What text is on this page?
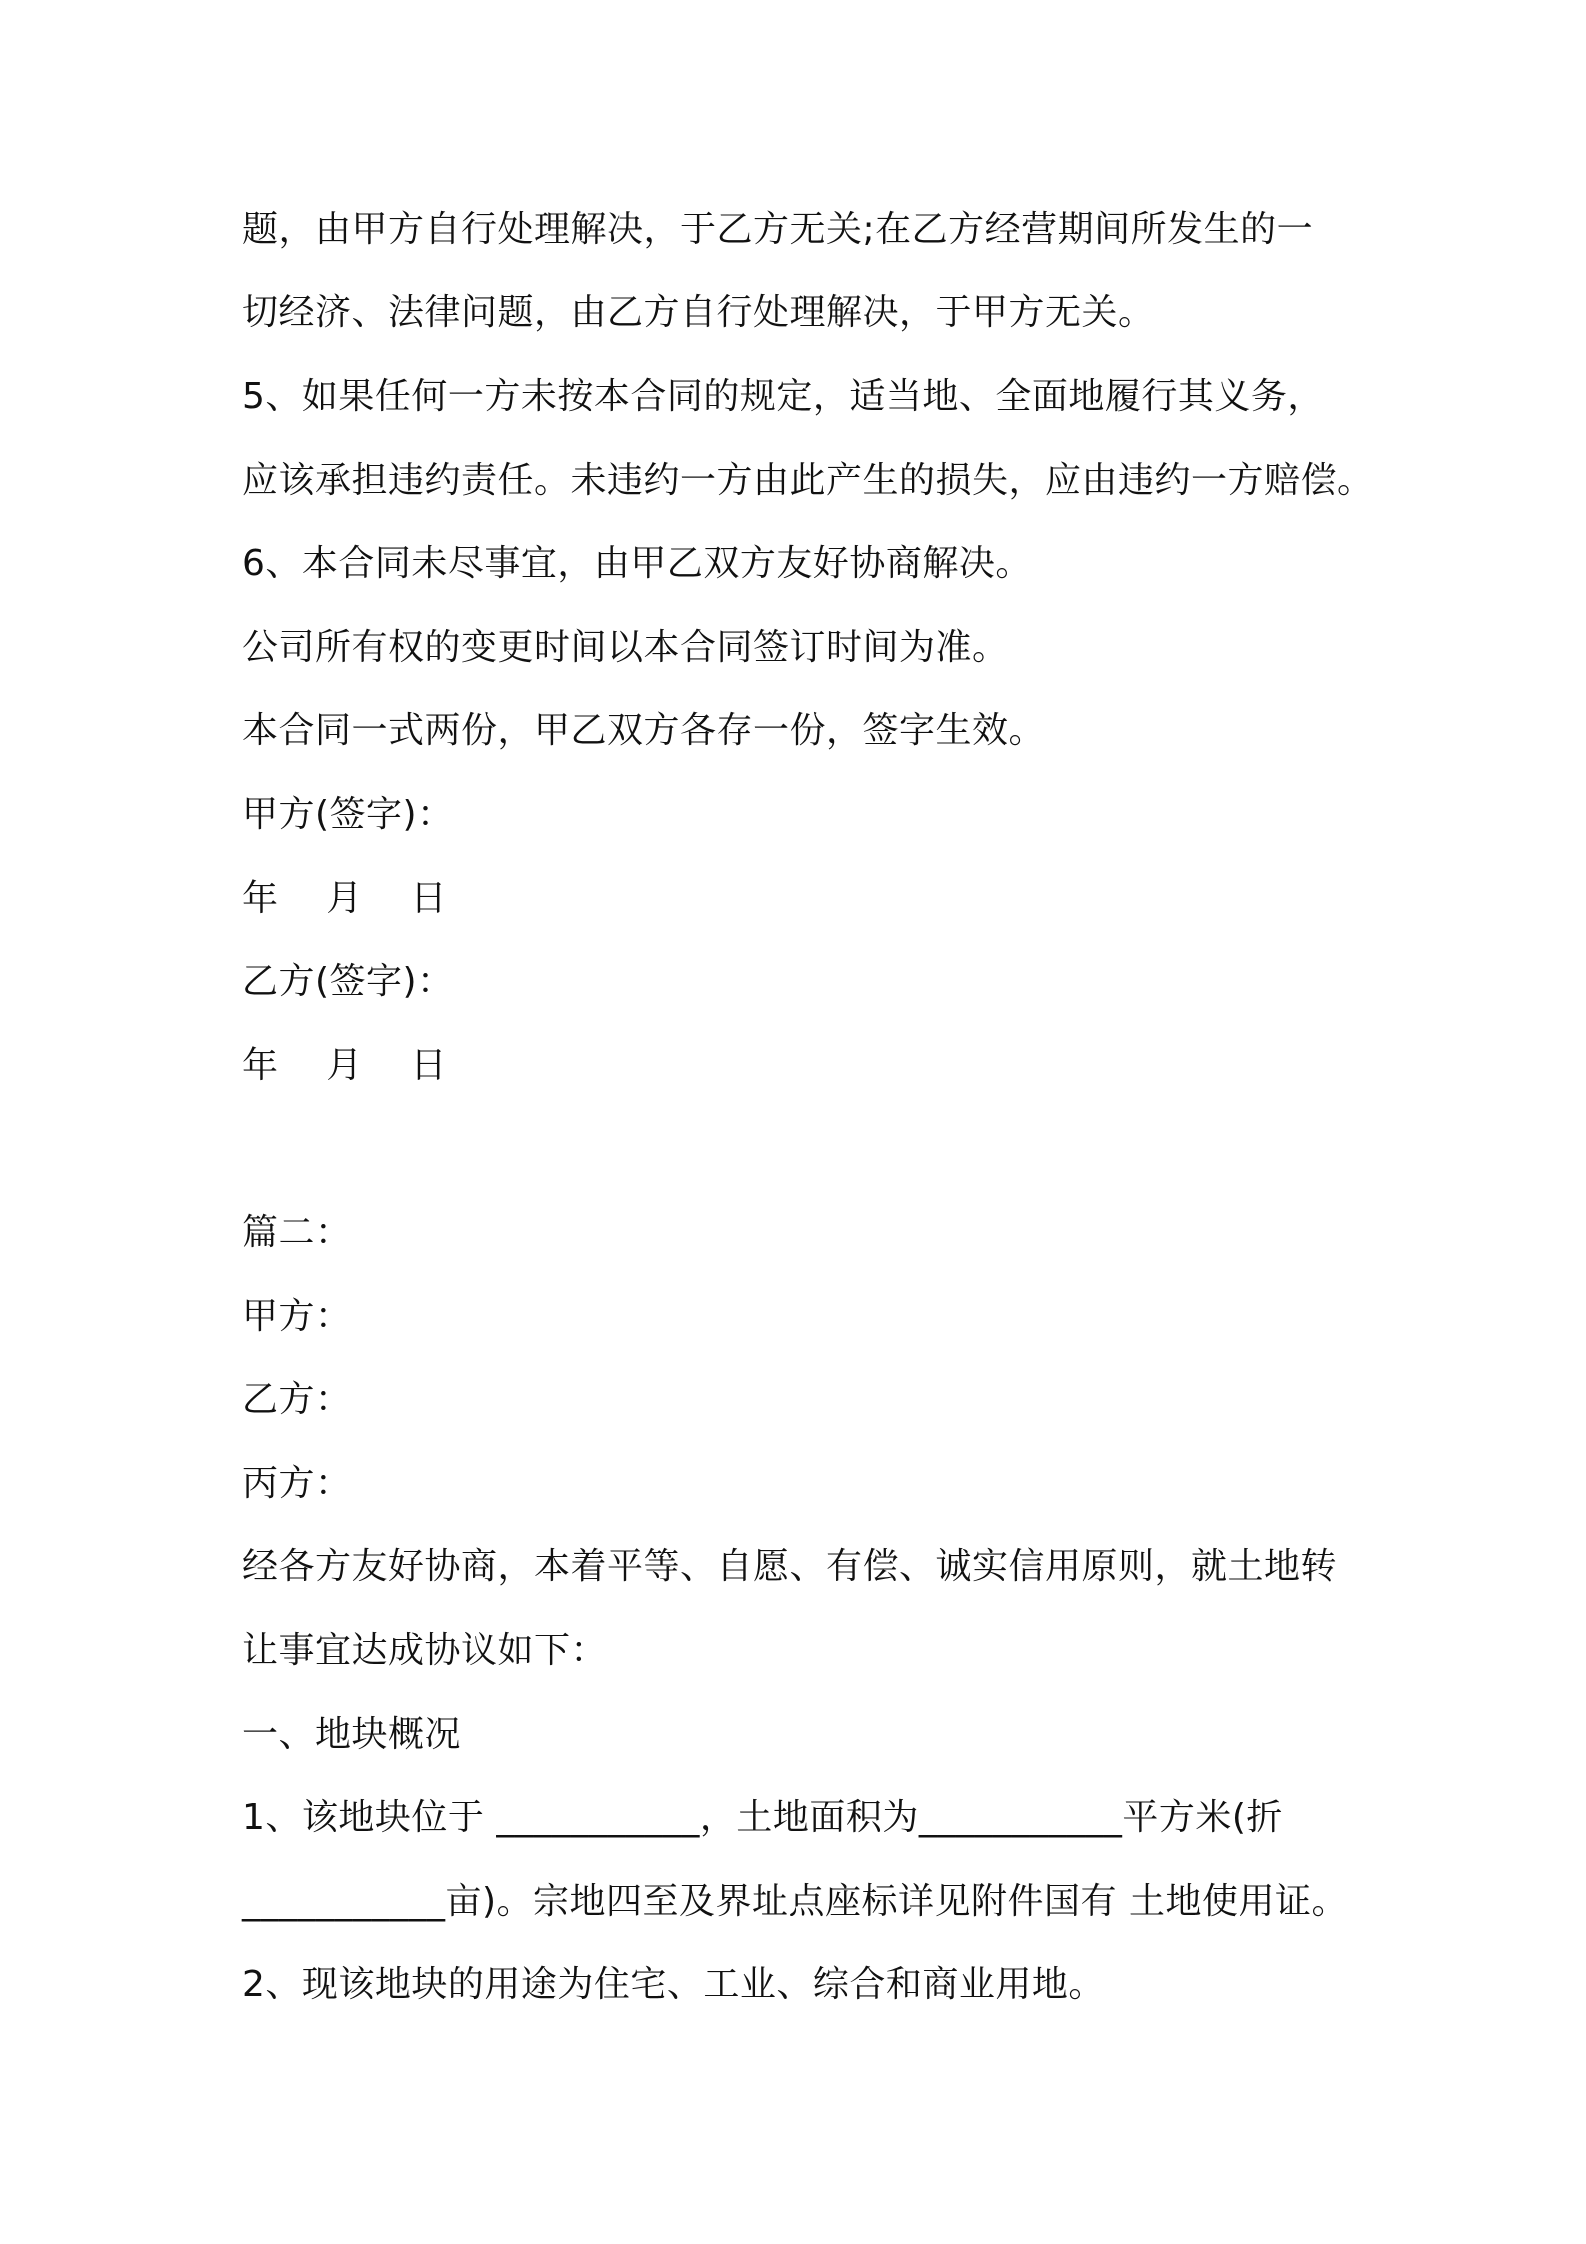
题，由甲方自行处理解决，于乙方无关;在乙方经营期间所发生的一
切经济、法律问题，由乙方自行处理解决，于甲方无关。
5、如果任何一方未按本合同的规定，适当地、全面地履行其义务，
应该承担违约责任。未违约一方由此产生的损失，应由违约一方赔偿。
6、本合同未尽事宜，由甲乙双方友好协商解决。
公司所有权的变更时间以本合同签订时间为准。
本合同一式两份，甲乙双方各存一份，签字生效。
甲方(签字)：
年    月    日
乙方(签字)：
年    月    日
篇二：
甲方：
乙方：
丙方：
经各方友好协商，本着平等、自愿、有偿、诚实信用原则，就土地转
让事宜达成协议如下：
一、地块概况
1、该地块位于 ___________，土地面积为___________平方米(折
___________亩)。宗地四至及界址点座标详见附件国有 土地使用证。
2、现该地块的用途为住宅、工业、综合和商业用地。
